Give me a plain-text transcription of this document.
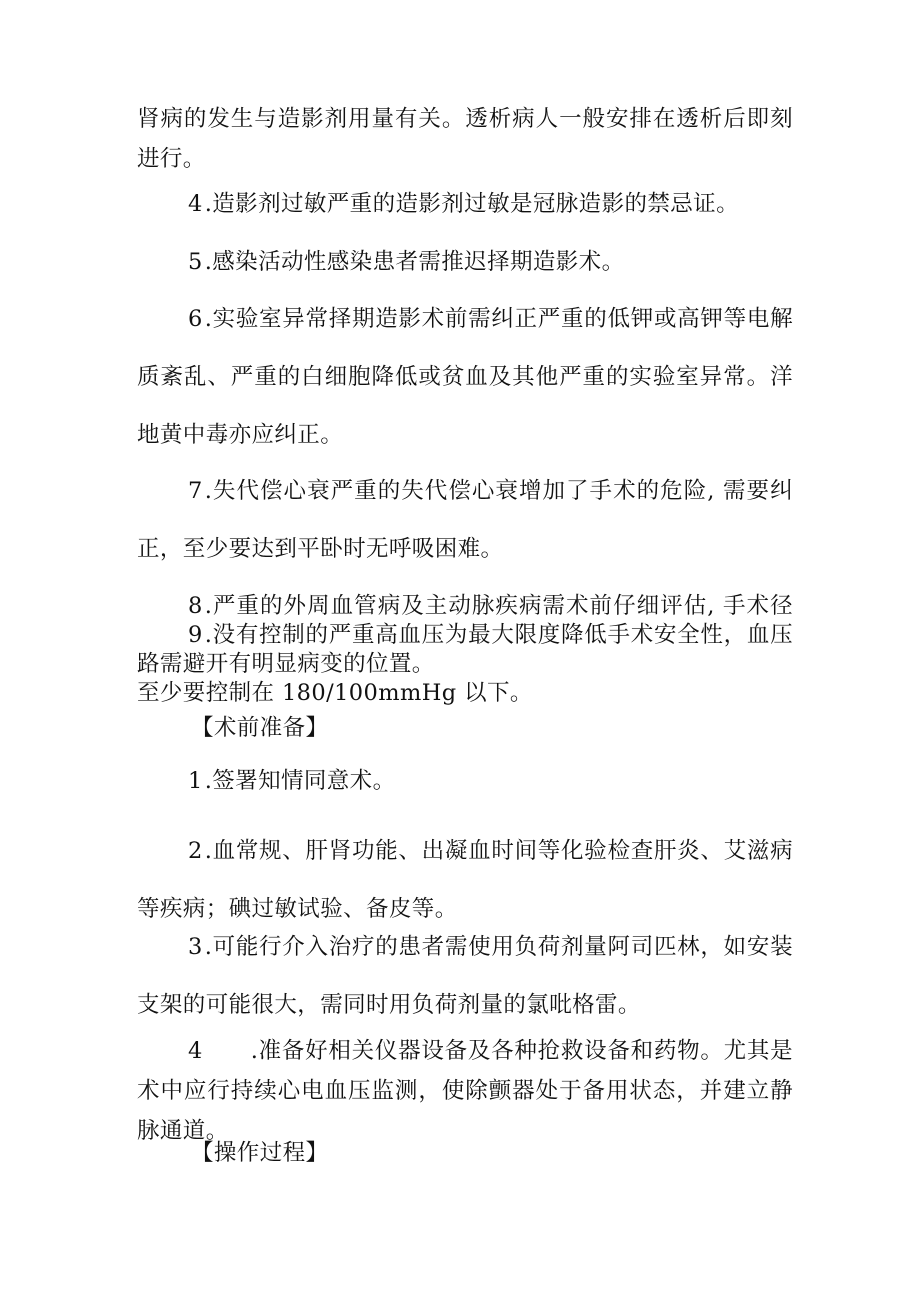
肾病的发生与造影剂用量有关。透析病人一般安排在透析后即刻进行。

4.造影剂过敏严重的造影剂过敏是冠脉造影的禁忌证。

5.感染活动性感染患者需推迟择期造影术。

6.实验室异常择期造影术前需纠正严重的低钾或高钾等电解质紊乱、严重的白细胞降低或贫血及其他严重的实验室异常。洋地黄中毒亦应纠正。

7.失代偿心衰严重的失代偿心衰增加了手术的危险, 需要纠正，至少要达到平卧时无呼吸困难。

8.严重的外周血管病及主动脉疾病需术前仔细评估, 手术径路需避开有明显病变的位置。

9.没有控制的严重高血压为最大限度降低手术安全性，血压至少要控制在 180/100mmHg 以下。

【术前准备】

1.签署知情同意术。

2.血常规、肝肾功能、出凝血时间等化验检查肝炎、艾滋病等疾病；碘过敏试验、备皮等。

3.可能行介入治疗的患者需使用负荷剂量阿司匹林，如安装支架的可能很大，需同时用负荷剂量的氯吡格雷。

4 .准备好相关仪器设备及各种抢救设备和药物。尤其是术中应行持续心电血压监测，使除颤器处于备用状态，并建立静脉通道。

【操作过程】
